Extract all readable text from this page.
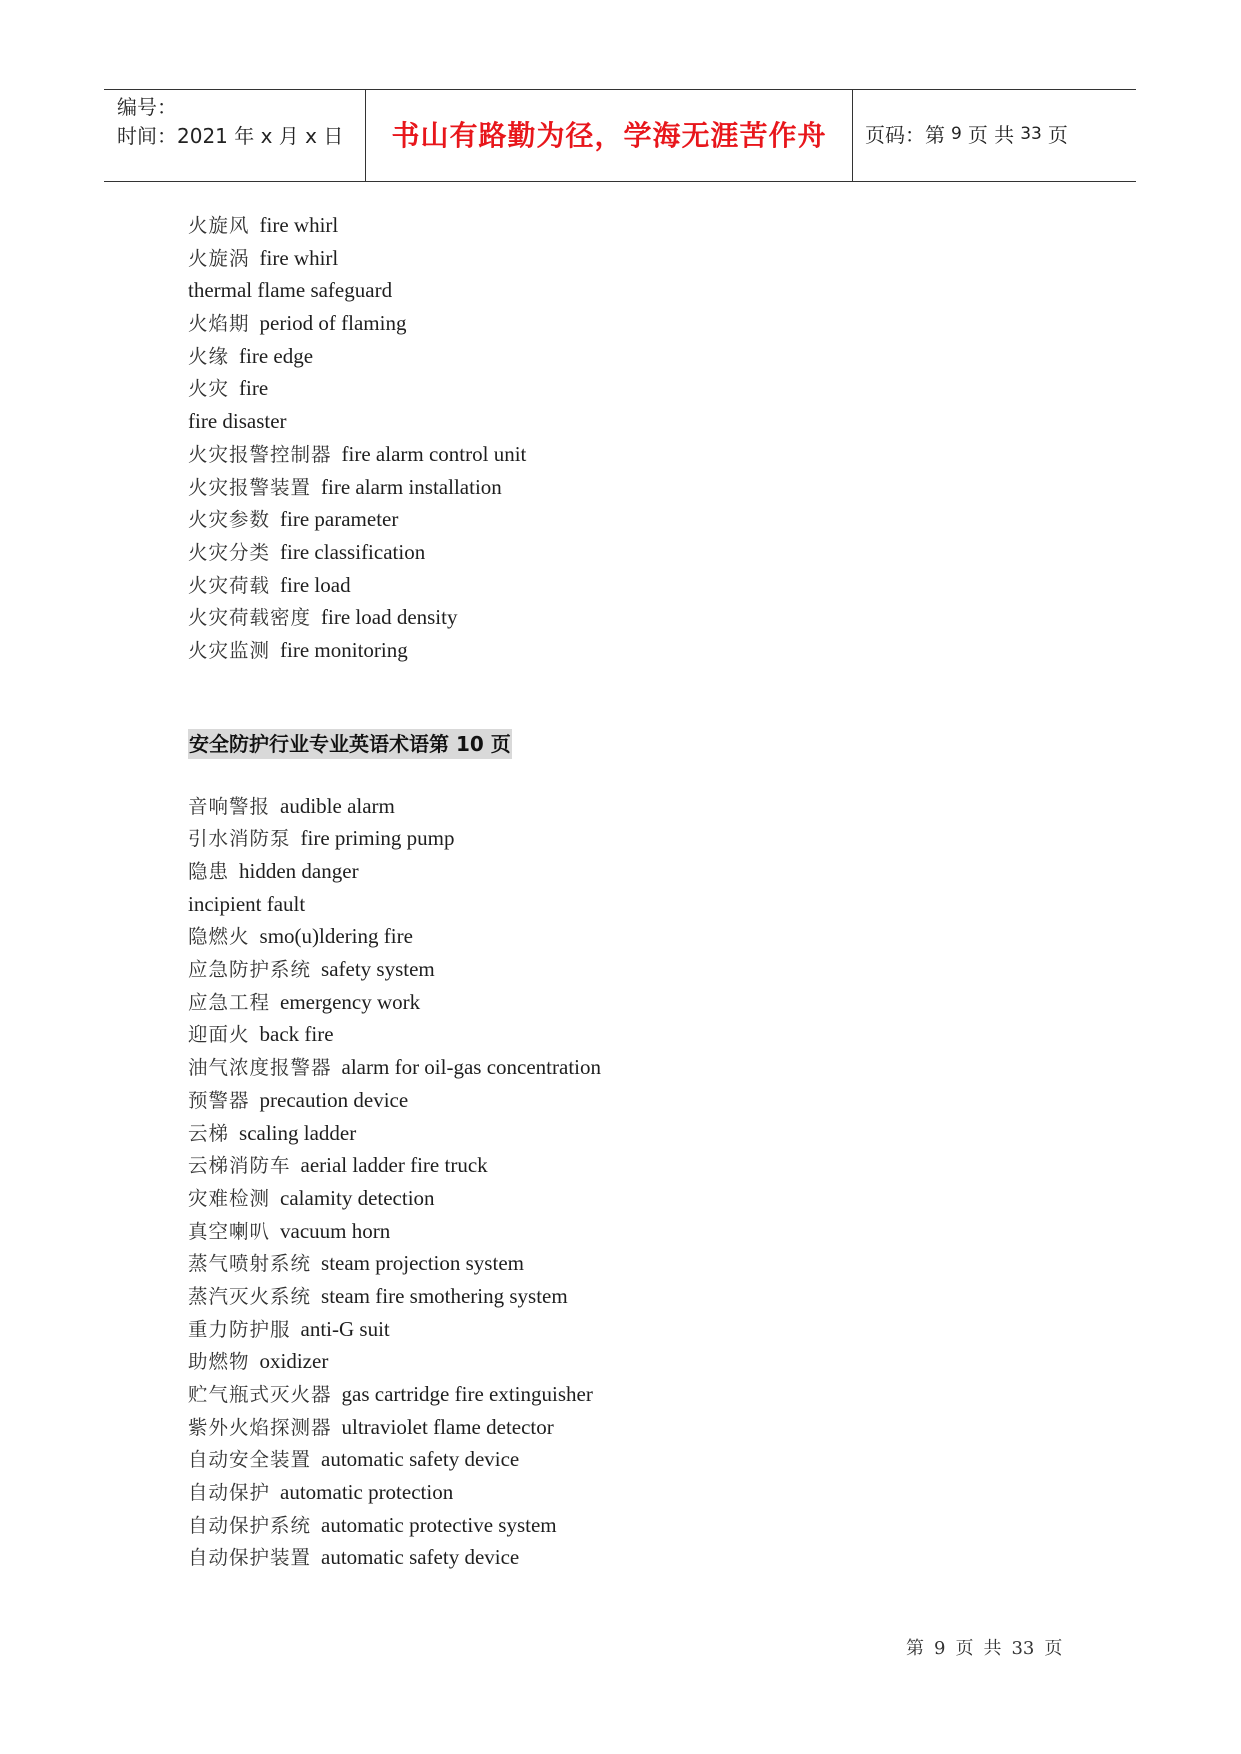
编号：
时间：2021 年 x 月 x 日	书山有路勤为径，学海无涯苦作舟	页码：第 9 页 共 33 页
火旋风 fire whirl
火旋涡 fire whirl
thermal flame safeguard
火焰期 period of flaming
火缘 fire edge
火灾 fire
fire disaster
火灾报警控制器 fire alarm control unit
火灾报警装置 fire alarm installation
火灾参数 fire parameter
火灾分类 fire classification
火灾荷载 fire load
火灾荷载密度 fire load density
火灾监测 fire monitoring
安全防护行业专业英语术语第 10 页
音响警报 audible alarm
引水消防泵 fire priming pump
隐患 hidden danger
incipient fault
隐燃火 smo(u)ldering fire
应急防护系统 safety system
应急工程 emergency work
迎面火 back fire
油气浓度报警器 alarm for oil-gas concentration
预警器 precaution device
云梯 scaling ladder
云梯消防车 aerial ladder fire truck
灾难检测 calamity detection
真空喇叭 vacuum horn
蒸气喷射系统 steam projection system
蒸汽灭火系统 steam fire smothering system
重力防护服 anti-G suit
助燃物 oxidizer
贮气瓶式灭火器 gas cartridge fire extinguisher
紫外火焰探测器 ultraviolet flame detector
自动安全装置 automatic safety device
自动保护 automatic protection
自动保护系统 automatic protective system
自动保护装置 automatic safety device
第 9 页 共 33 页
